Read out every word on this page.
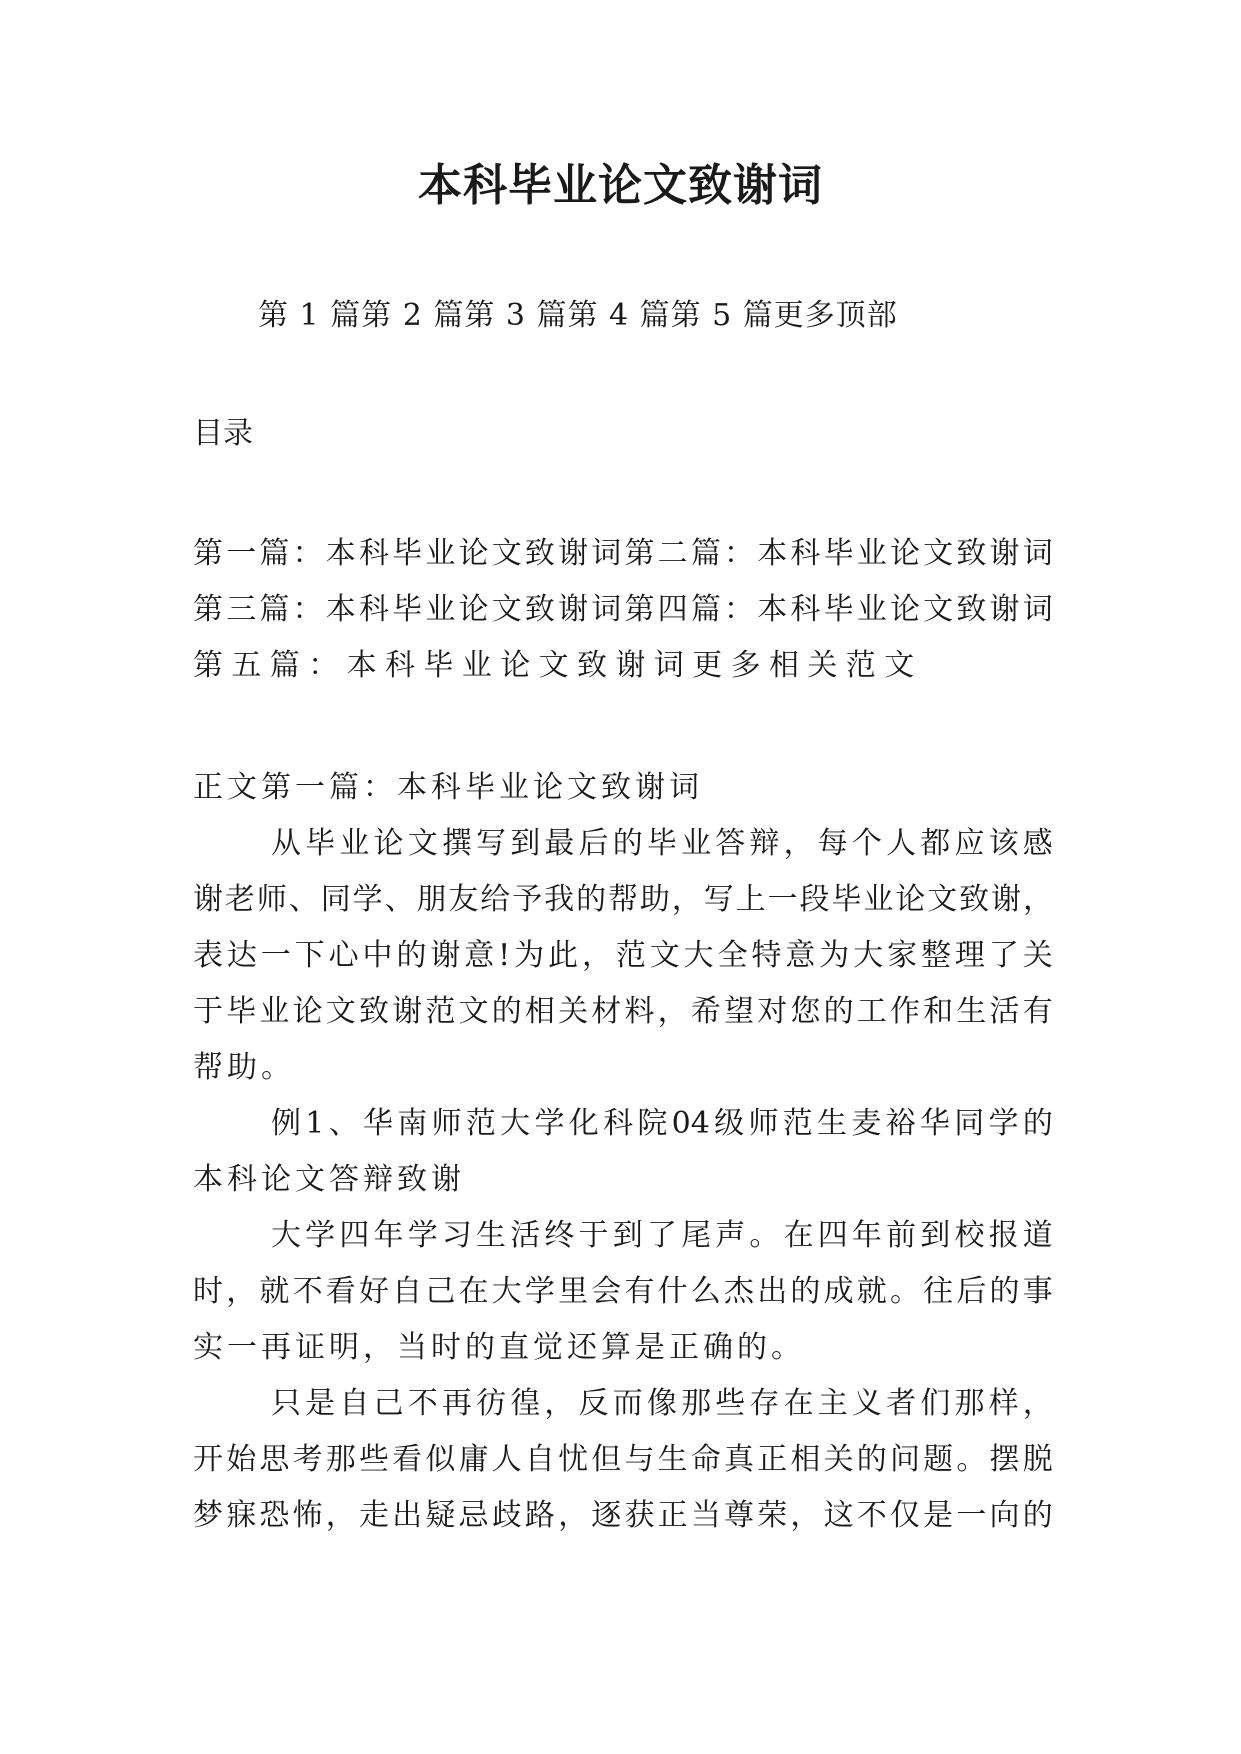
本科毕业论文致谢词
第 1 篇第 2 篇第 3 篇第 4 篇第 5 篇更多顶部
目录
第 一 篇 ： 本 科 毕 业 论 文 致 谢 词 第 二 篇 ： 本 科 毕 业 论 文 致 谢 词
第 三 篇 ： 本 科 毕 业 论 文 致 谢 词 第 四 篇 ： 本 科 毕 业 论 文 致 谢 词
第五篇：本科毕业论文致谢词更多相关范文
正文第一篇：本科毕业论文致谢词
从 毕 业 论 文 撰 写 到 最 后 的 毕 业 答 辩 ， 每 个 人 都 应 该 感
谢 老 师 、 同 学 、 朋 友 给 予 我 的 帮 助 ， 写 上 一 段 毕 业 论 文 致 谢 ，
表 达 一 下 心 中 的 谢 意 ! 为 此 ， 范 文 大 全 特 意 为 大 家 整 理 了 关
于 毕 业 论 文 致 谢 范 文 的 相 关 材 料 ， 希 望 对 您 的 工 作 和 生 活 有
帮助。
例 1 、 华 南 师 范 大 学 化 科 院 04 级 师 范 生 麦 裕 华 同 学 的
本科论文答辩致谢
大 学 四 年 学 习 生 活 终 于 到 了 尾 声 。 在 四 年 前 到 校 报 道
时 ， 就 不 看 好 自 己 在 大 学 里 会 有 什 么 杰 出 的 成 就 。 往 后 的 事
实一再证明，当时的直觉还算是正确的。
只 是 自 己 不 再 彷 徨 ， 反 而 像 那 些 存 在 主 义 者 们 那 样 ，
开 始 思 考 那 些 看 似 庸 人 自 忧 但 与 生 命 真 正 相 关 的 问 题 。 摆 脱
梦 寐 恐 怖 ， 走 出 疑 忌 歧 路 ， 逐 获 正 当 尊 荣 ， 这 不 仅 是 一 向 的
